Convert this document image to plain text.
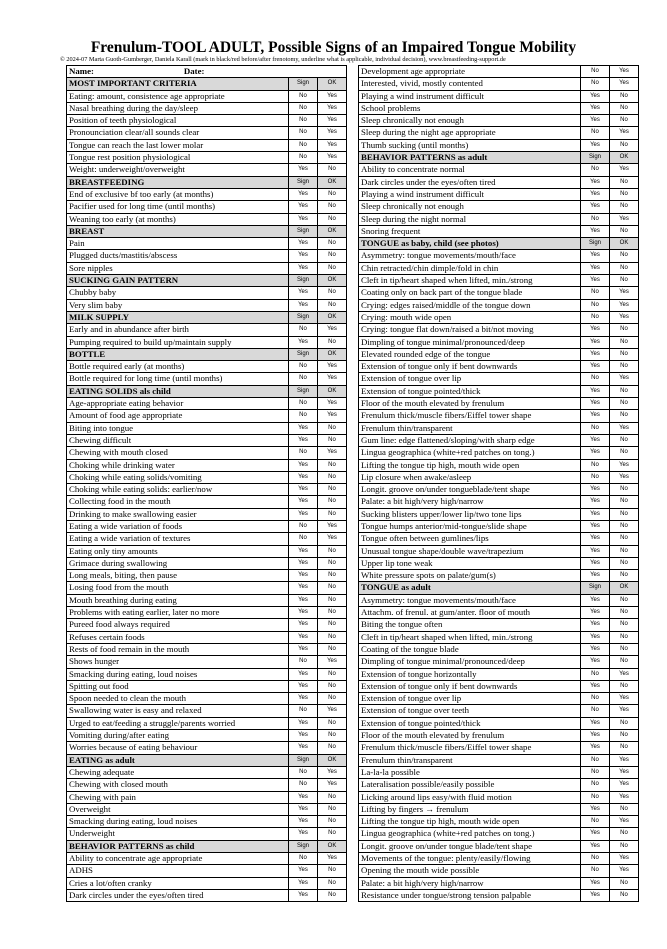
Frenulum-TOOL ADULT, Possible Signs of an Impaired Tongue Mobility
© 2024-07 Marta Guoth-Gumberger, Daniela Karall (mark in black/red before/after frenotomy, underline what is applicable, individual decision), www.breastfeeding-support.de
Name: Date:		
MOST IMPORTANT CRITERIA	Sign	OK
Eating: amount, consistence age appropriate	No	Yes
Nasal breathing during the day/sleep	No	Yes
Position of teeth physiological	No	Yes
Pronounciation clear/all sounds clear	No	Yes
Tongue can reach the last lower molar	No	Yes
Tongue rest position physiological	No	Yes
Weight: underweight/overweight	Yes	No
BREASTFEEDING	Sign	OK
End of exclusive bf too early (at months)	Yes	No
Pacifier used for long time (until months)	Yes	No
Weaning too early (at months)	Yes	No
BREAST	Sign	OK
Pain	Yes	No
Plugged ducts/mastitis/abscess	Yes	No
Sore nipples	Yes	No
SUCKING GAIN PATTERN	Sign	OK
Chubby baby	Yes	No
Very slim baby	Yes	No
MILK SUPPLY	Sign	OK
Early and in abundance after birth	No	Yes
Pumping required to build up/maintain supply	Yes	No
BOTTLE	Sign	OK
Bottle required early (at months)	No	Yes
Bottle required for long time (until months)	No	Yes
EATING SOLIDS als child	Sign	OK
Age-appropriate eating behavior	No	Yes
Amount of food age appropriate	No	Yes
Biting into tongue	Yes	No
Chewing difficult	Yes	No
Chewing with mouth closed	No	Yes
Choking while drinking water	Yes	No
Choking while eating solids/vomiting	Yes	No
Choking while eating solids: earlier/now	Yes	No
Collecting food in the mouth	Yes	No
Drinking to make swallowing easier	Yes	No
Eating a wide variation of foods	No	Yes
Eating a wide variation of textures	No	Yes
Eating only tiny amounts	Yes	No
Grimace during swallowing	Yes	No
Long meals, biting, then pause	Yes	No
Losing food from the mouth	Yes	No
Mouth breathing during eating	Yes	No
Problems with eating earlier, later no more	Yes	No
Pureed food always required	Yes	No
Refuses certain foods	Yes	No
Rests of food remain in the mouth	Yes	No
Shows hunger	No	Yes
Smacking during eating, loud noises	Yes	No
Spitting out food	Yes	No
Spoon needed to clean the mouth	Yes	No
Swallowing water is easy and relaxed	No	Yes
Urged to eat/feeding a struggle/parents worried	Yes	No
Vomiting during/after eating	Yes	No
Worries because of eating behaviour	Yes	No
EATING as adult	Sign	OK
Chewing adequate	No	Yes
Chewing with closed mouth	No	Yes
Chewing with pain	Yes	No
Overweight	Yes	No
Smacking during eating, loud noises	Yes	No
Underweight	Yes	No
BEHAVIOR PATTERNS as child	Sign	OK
Ability to concentrate age appropriate	No	Yes
ADHS	Yes	No
Cries a lot/often cranky	Yes	No
Dark circles under the eyes/often tired	Yes	No
Development age appropriate	No	Yes
Interested, vivid, mostly contented	No	Yes
Playing a wind instrument difficult	Yes	No
School problems	Yes	No
Sleep chronically not enough	Yes	No
Sleep during the night age appropriate	No	Yes
Thumb sucking (until months)	Yes	No
BEHAVIOR PATTERNS as adult	Sign	OK
Ability to concentrate normal	No	Yes
Dark circles under the eyes/often tired	Yes	No
Playing a wind instrument difficult	Yes	No
Sleep chronically not enough	Yes	No
Sleep during the night normal	No	Yes
Snoring frequent	Yes	No
TONGUE as baby, child (see photos)	Sign	OK
Asymmetry: tongue movements/mouth/face	Yes	No
Chin retracted/chin dimple/fold in chin	Yes	No
Cleft in tip/heart shaped when lifted, min./strong	Yes	No
Coating only on back part of the tongue blade	No	Yes
Crying: edges raised/middle of the tongue down	No	Yes
Crying: mouth wide open	No	Yes
Crying: tongue flat down/raised a bit/not moving	Yes	No
Dimpling of tongue minimal/pronounced/deep	Yes	No
Elevated rounded edge of the tongue	Yes	No
Extension of tongue only if bent downwards	Yes	No
Extension of tongue over lip	No	Yes
Extension of tongue pointed/thick	Yes	No
Floor of the mouth elevated by frenulum	Yes	No
Frenulum thick/muscle fibers/Eiffel tower shape	Yes	No
Frenulum thin/transparent	No	Yes
Gum line: edge flattened/sloping/with sharp edge	Yes	No
Lingua geographica (white+red patches on tong.)	Yes	No
Lifting the tongue tip high, mouth wide open	No	Yes
Lip closure when awake/asleep	No	Yes
Longit. groove on/under tongueblade/tent shape	Yes	No
Palate: a bit high/very high/narrow	Yes	No
Sucking blisters upper/lower lip/two tone lips	Yes	No
Tongue humps anterior/mid-tongue/slide shape	Yes	No
Tongue often between gumlines/lips	Yes	No
Unusual tongue shape/double wave/trapezium	Yes	No
Upper lip tone weak	Yes	No
White pressure spots on palate/gum(s)	Yes	No
TONGUE as adult	Sign	OK
Asymmetry: tongue movements/mouth/face	Yes	No
Attachm. of frenul. at gum/anter. floor of mouth	Yes	No
Biting the tongue often	Yes	No
Cleft in tip/heart shaped when lifted, min./strong	Yes	No
Coating of the tongue blade	Yes	No
Dimpling of tongue minimal/pronounced/deep	Yes	No
Extension of tongue horizontally	No	Yes
Extension of tongue only if bent downwards	Yes	No
Extension of tongue over lip	No	Yes
Extension of tongue over teeth	No	Yes
Extension of tongue pointed/thick	Yes	No
Floor of the mouth elevated by frenulum	Yes	No
Frenulum thick/muscle fibers/Eiffel tower shape	Yes	No
Frenulum thin/transparent	No	Yes
La-la-la possible	No	Yes
Lateralisation possible/easily possible	No	Yes
Licking around lips easy/with fluid motion	No	Yes
Lifting by fingers → frenulum	Yes	No
Lifting the tongue tip high, mouth wide open	No	Yes
Lingua geographica (white+red patches on tong.)	Yes	No
Longit. groove on/under tongue blade/tent shape	Yes	No
Movements of the tongue: plenty/easily/flowing	No	Yes
Opening the mouth wide possible	No	Yes
Palate: a bit high/very high/narrow	Yes	No
Resistance under tongue/strong tension palpable	Yes	No
